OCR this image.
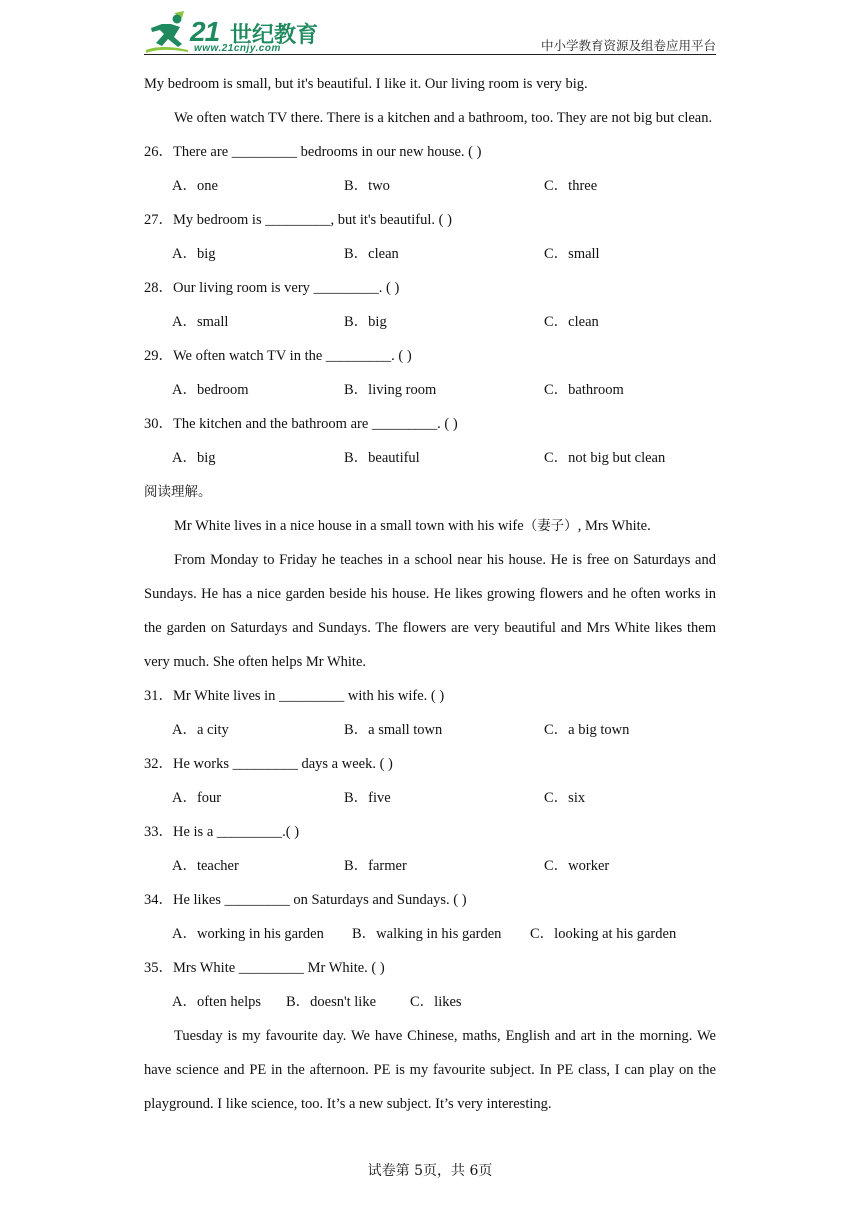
21 世纪教育
www.21cnjy.com	中小学教育资源及组卷应用平台

My bedroom is small, but it's beautiful. I like it. Our living room is very big.

We often watch TV there. There is a kitchen and a bathroom, too. They are not big but clean.

26．There are _________ bedrooms in our new house. ( )
A．one	B．two	C．three
27．My bedroom is _________, but it's beautiful. ( )
A．big	B．clean	C．small
28．Our living room is very _________. ( )
A．small	B．big	C．clean
29．We often watch TV in the _________. ( )
A．bedroom	B．living room	C．bathroom
30．The kitchen and the bathroom are _________. ( )
A．big	B．beautiful	C．not big but clean
阅读理解。

Mr White lives in a nice house in a small town with his wife（妻子）, Mrs White.

From Monday to Friday he teaches in a school near his house. He is free on Saturdays and Sundays. He has a nice garden beside his house. He likes growing flowers and he often works in the garden on Saturdays and Sundays. The flowers are very beautiful and Mrs White likes them very much. She often helps Mr White.

31．Mr White lives in _________ with his wife. ( )
A．a city	B．a small town	C．a big town
32．He works _________ days a week. ( )
A．four	B．five	C．six
33．He is a _________.( )
A．teacher	B．farmer	C．worker
34．He likes _________ on Saturdays and Sundays. ( )
A．working in his garden B．walking in his garden C．looking at his garden
35．Mrs White _________ Mr White. ( )
A．often helps B．doesn't like C．likes

Tuesday is my favourite day. We have Chinese, maths, English and art in the morning. We have science and PE in the afternoon. PE is my favourite subject. In PE class, I can play on the playground. I like science, too. It’s a new subject. It’s very interesting.

试卷第 5页，共 6页
